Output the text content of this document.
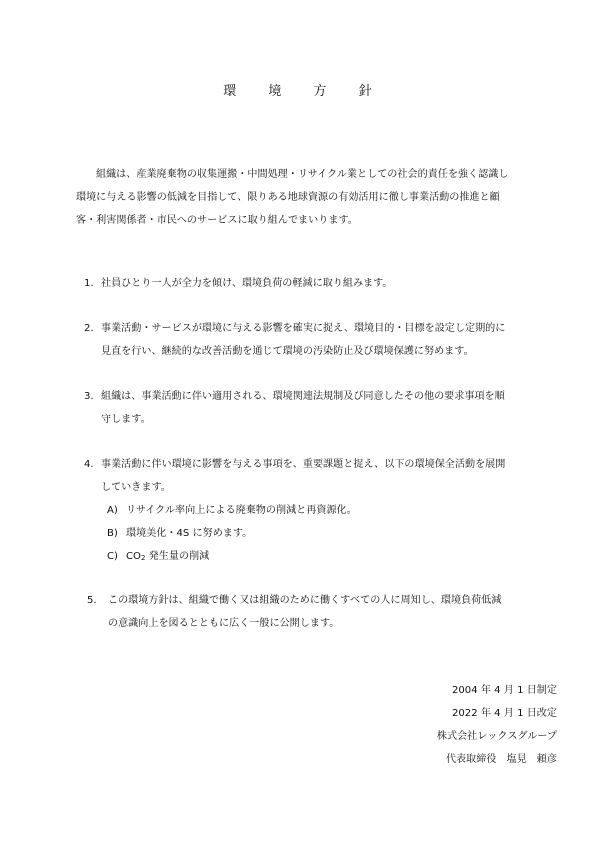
環 境 方 針

組織は、産業廃棄物の収集運搬・中間処理・リサイクル業としての社会的責任を強く認識し

環境に与える影響の低減を目指して、限りある地球資源の有効活用に徹し事業活動の推進と顧

客・利害関係者・市民へのサービスに取り組んでまいります。

1. 社員ひとり一人が全力を傾け、環境負荷の軽減に取り組みます。
2. 事業活動・サービスが環境に与える影響を確実に捉え、環境目的・目標を設定し定期的に
見直を行い、継続的な改善活動を通じて環境の汚染防止及び環境保護に努めます。
3. 組織は、事業活動に伴い適用される、環境関連法規制及び同意したその他の要求事項を順
守します。
4. 事業活動に伴い環境に影響を与える事項を、重要課題と捉え、以下の環境保全活動を展開
していきます。
A) リサイクル率向上による廃棄物の削減と再資源化。
B) 環境美化・4S に努めます。
C) $CO_2$ 発生量の削減
5.	この環境方針は、組織で働く又は組織のために働くすべての人に周知し、環境負荷低減
の意識向上を図るとともに広く一般に公開します。
2004 年 4 月 1 日制定
2022 年 4 月 1 日改定
株式会社レックスグループ
代表取締役　塩見　頼彦
